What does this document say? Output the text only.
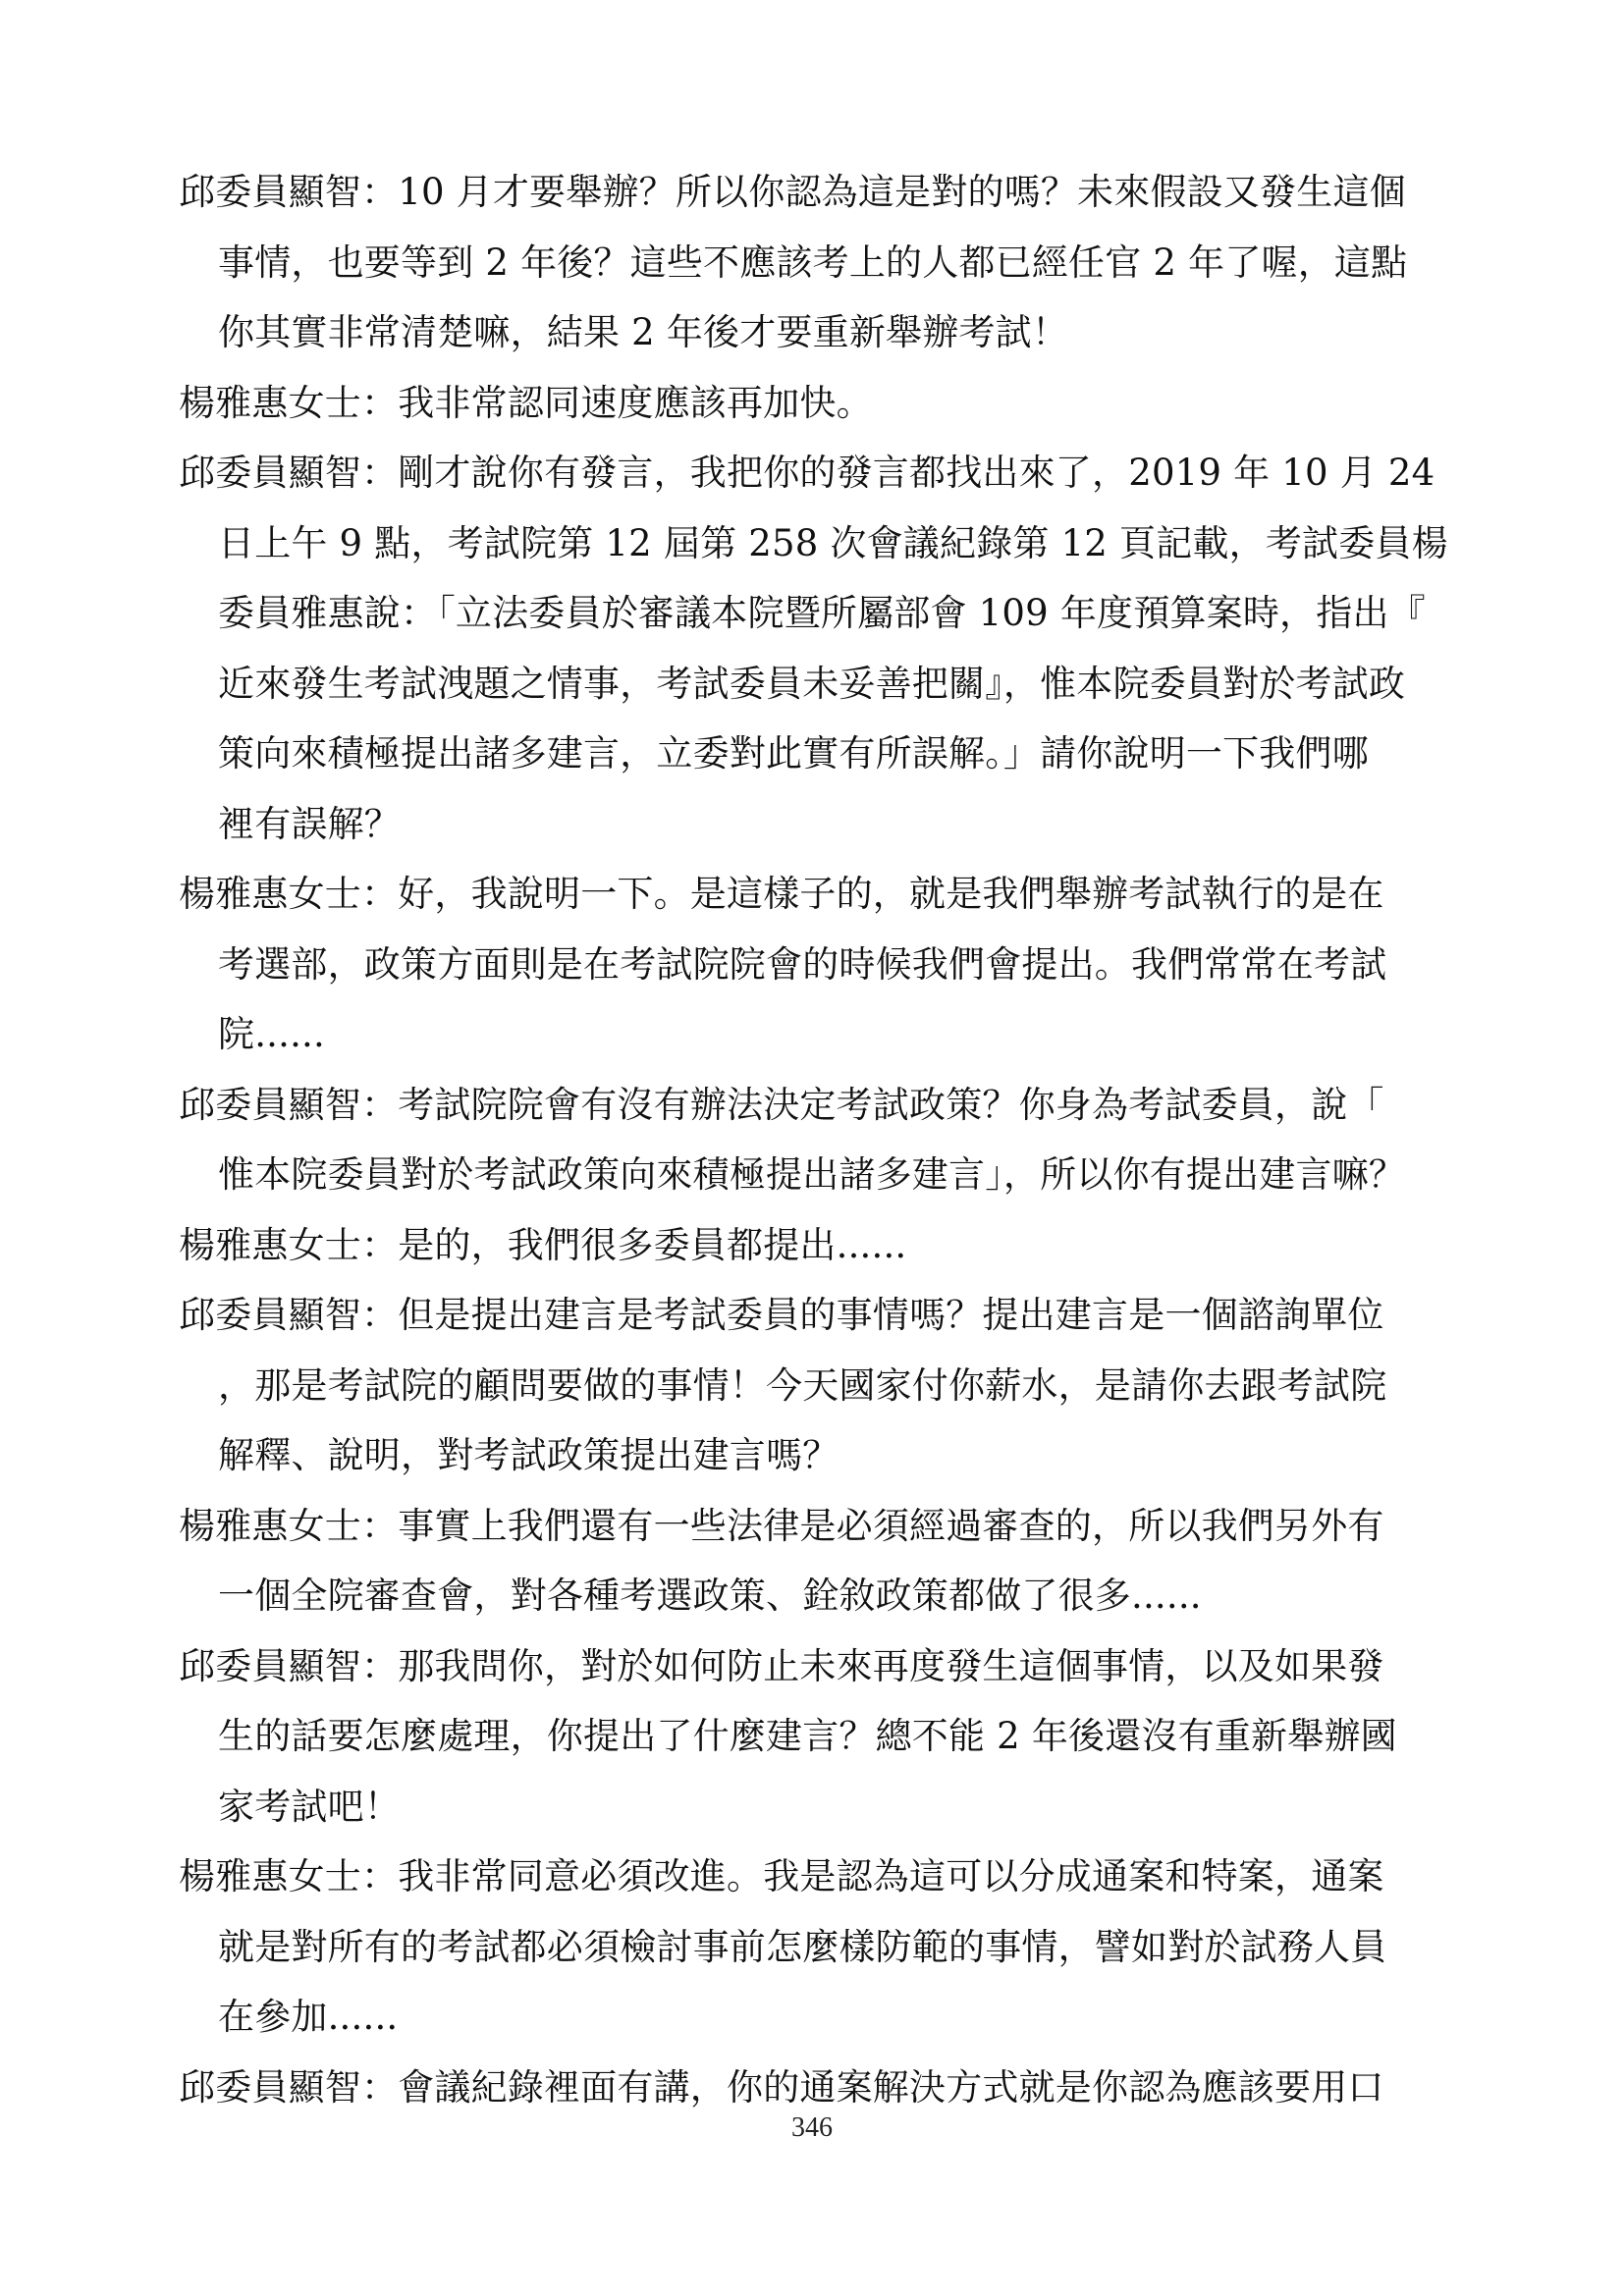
邱委員顯智：10 月才要舉辦？所以你認為這是對的嗎？未來假設又發生這個
事情，也要等到 2 年後？這些不應該考上的人都已經任官 2 年了喔，這點
你其實非常清楚嘛，結果 2 年後才要重新舉辦考試！
楊雅惠女士：我非常認同速度應該再加快。
邱委員顯智：剛才說你有發言，我把你的發言都找出來了，2019 年 10 月 24
日上午 9 點，考試院第 12 屆第 258 次會議紀錄第 12 頁記載，考試委員楊
委員雅惠說：「立法委員於審議本院暨所屬部會 109 年度預算案時，指出『
近來發生考試洩題之情事，考試委員未妥善把關』，惟本院委員對於考試政
策向來積極提出諸多建言，立委對此實有所誤解。」請你說明一下我們哪
裡有誤解？
楊雅惠女士：好，我說明一下。是這樣子的，就是我們舉辦考試執行的是在
考選部，政策方面則是在考試院院會的時候我們會提出。我們常常在考試
院......
邱委員顯智：考試院院會有沒有辦法決定考試政策？你身為考試委員，說「
惟本院委員對於考試政策向來積極提出諸多建言」，所以你有提出建言嘛？
楊雅惠女士：是的，我們很多委員都提出......
邱委員顯智：但是提出建言是考試委員的事情嗎？提出建言是一個諮詢單位
，那是考試院的顧問要做的事情！今天國家付你薪水，是請你去跟考試院
解釋、說明，對考試政策提出建言嗎？
楊雅惠女士：事實上我們還有一些法律是必須經過審查的，所以我們另外有
一個全院審查會，對各種考選政策、銓敘政策都做了很多......
邱委員顯智：那我問你，對於如何防止未來再度發生這個事情，以及如果發
生的話要怎麼處理，你提出了什麼建言？總不能 2 年後還沒有重新舉辦國
家考試吧！
楊雅惠女士：我非常同意必須改進。我是認為這可以分成通案和特案，通案
就是對所有的考試都必須檢討事前怎麼樣防範的事情，譬如對於試務人員
在參加......
邱委員顯智：會議紀錄裡面有講，你的通案解決方式就是你認為應該要用口
346
